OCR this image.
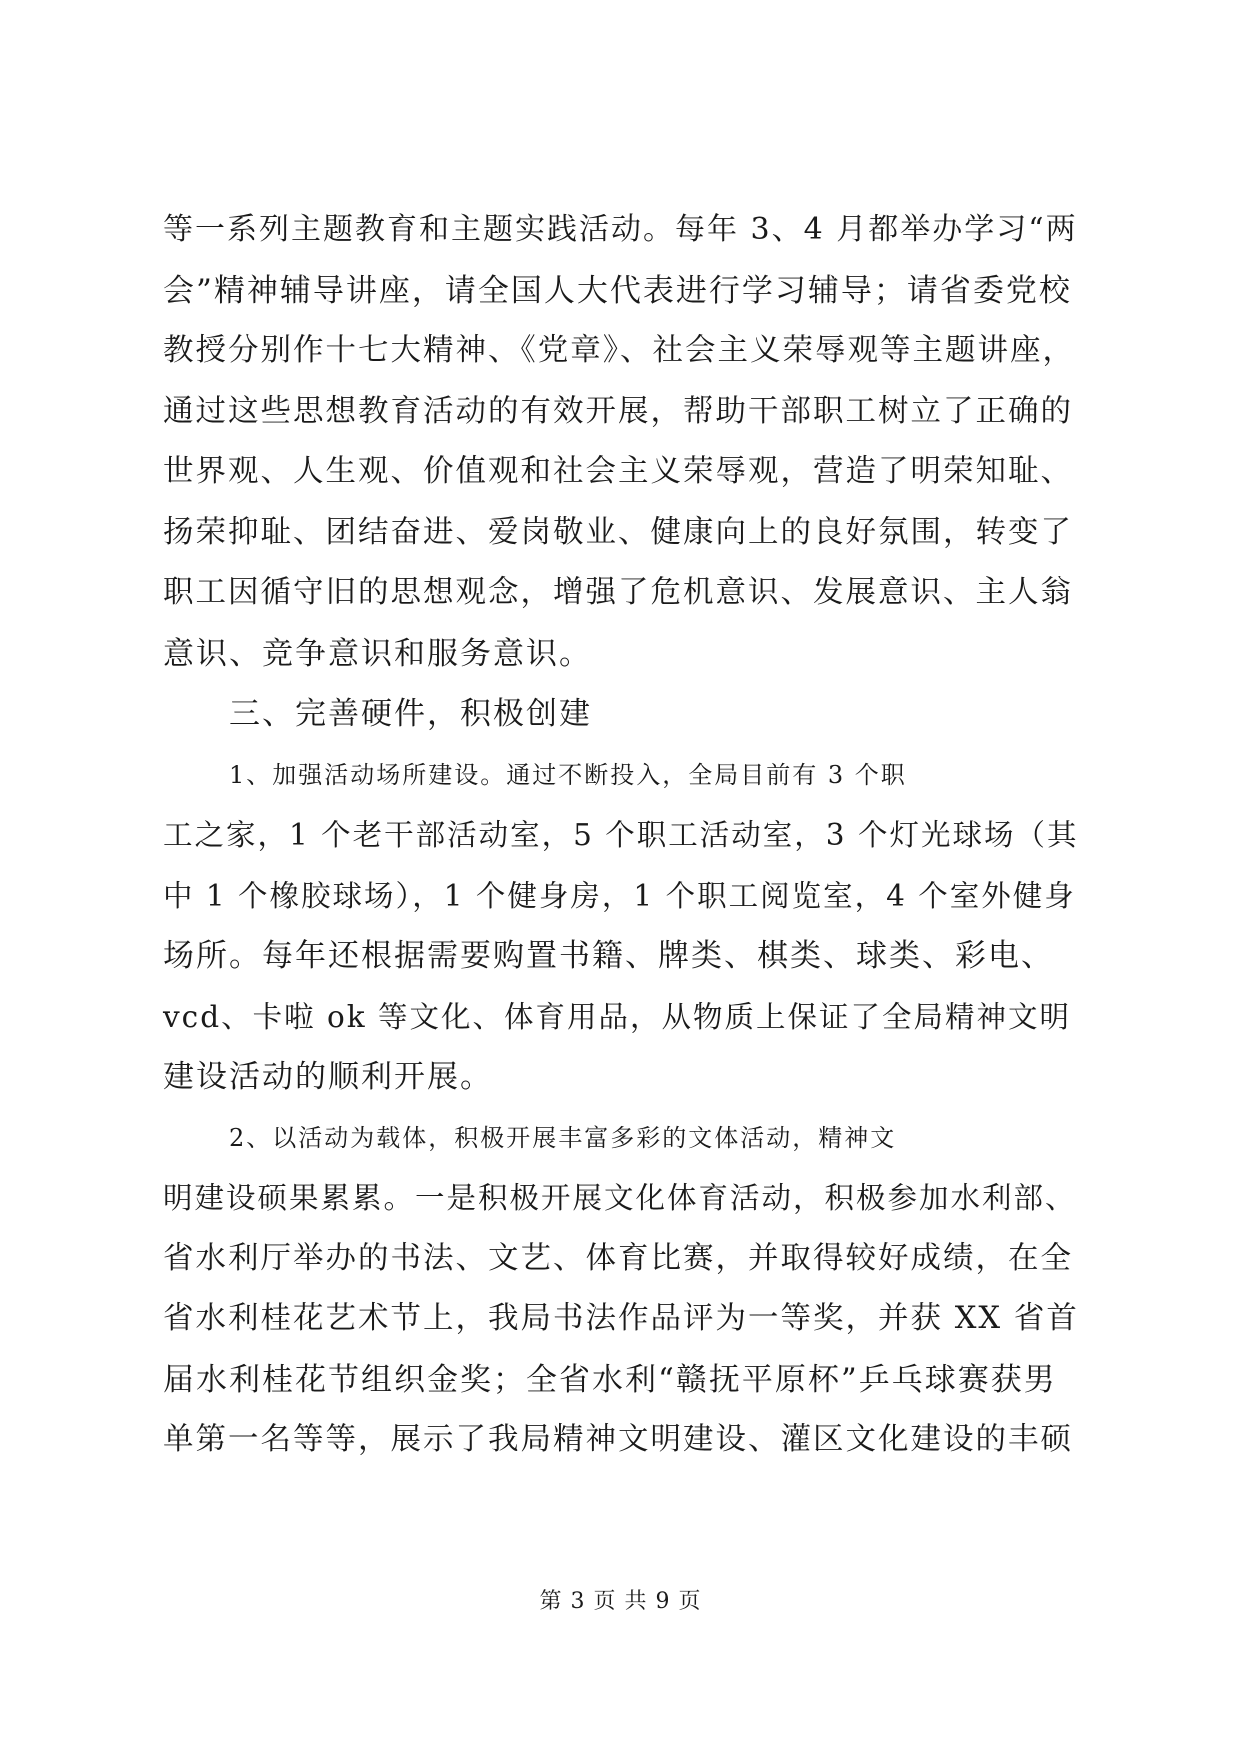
等一系列主题教育和主题实践活动。每年 3、4 月都举办学习“两
会”精神辅导讲座，请全国人大代表进行学习辅导；请省委党校
教授分别作十七大精神、《党章》、社会主义荣辱观等主题讲座，
通过这些思想教育活动的有效开展，帮助干部职工树立了正确的
世界观、人生观、价值观和社会主义荣辱观，营造了明荣知耻、
扬荣抑耻、团结奋进、爱岗敬业、健康向上的良好氛围，转变了
职工因循守旧的思想观念，增强了危机意识、发展意识、主人翁
意识、竞争意识和服务意识。

三、完善硬件，积极创建

1、加强活动场所建设。通过不断投入，全局目前有 3 个职
工之家，1 个老干部活动室，5 个职工活动室，3 个灯光球场（其
中 1 个橡胶球场），1 个健身房，1 个职工阅览室，4 个室外健身
场所。每年还根据需要购置书籍、牌类、棋类、球类、彩电、
vcd、卡啦 ok 等文化、体育用品，从物质上保证了全局精神文明
建设活动的顺利开展。

2、以活动为载体，积极开展丰富多彩的文体活动，精神文
明建设硕果累累。一是积极开展文化体育活动，积极参加水利部、
省水利厅举办的书法、文艺、体育比赛，并取得较好成绩，在全
省水利桂花艺术节上，我局书法作品评为一等奖，并获 XX 省首
届水利桂花节组织金奖；全省水利“赣抚平原杯”乒乓球赛获男
单第一名等等，展示了我局精神文明建设、灌区文化建设的丰硕

第 3 页 共 9 页
